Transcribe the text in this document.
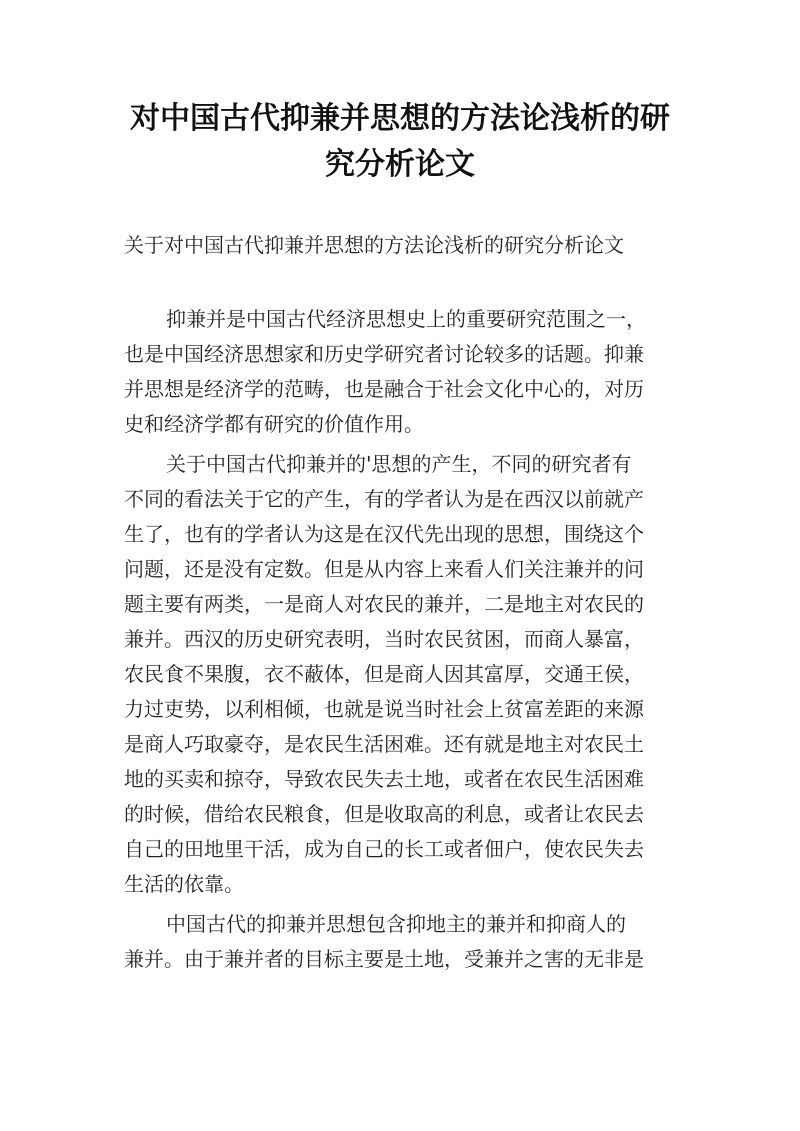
对中国古代抑兼并思想的方法论浅析的研
究分析论文

关于对中国古代抑兼并思想的方法论浅析的研究分析论文

抑兼并是中国古代经济思想史上的重要研究范围之一，
也是中国经济思想家和历史学研究者讨论较多的话题。抑兼
并思想是经济学的范畴，也是融合于社会文化中心的，对历
史和经济学都有研究的价值作用。

关于中国古代抑兼并的'思想的产生，不同的研究者有
不同的看法关于它的产生，有的学者认为是在西汉以前就产
生了，也有的学者认为这是在汉代先出现的思想，围绕这个
问题，还是没有定数。但是从内容上来看人们关注兼并的问
题主要有两类，一是商人对农民的兼并，二是地主对农民的
兼并。西汉的历史研究表明，当时农民贫困，而商人暴富，
农民食不果腹，衣不蔽体，但是商人因其富厚，交通王侯，
力过吏势，以利相倾，也就是说当时社会上贫富差距的来源
是商人巧取豪夺，是农民生活困难。还有就是地主对农民土
地的买卖和掠夺，导致农民失去土地，或者在农民生活困难
的时候，借给农民粮食，但是收取高的利息，或者让农民去
自己的田地里干活，成为自己的长工或者佃户，使农民失去
生活的依靠。

中国古代的抑兼并思想包含抑地主的兼并和抑商人的
兼并。由于兼并者的目标主要是土地，受兼并之害的无非是
